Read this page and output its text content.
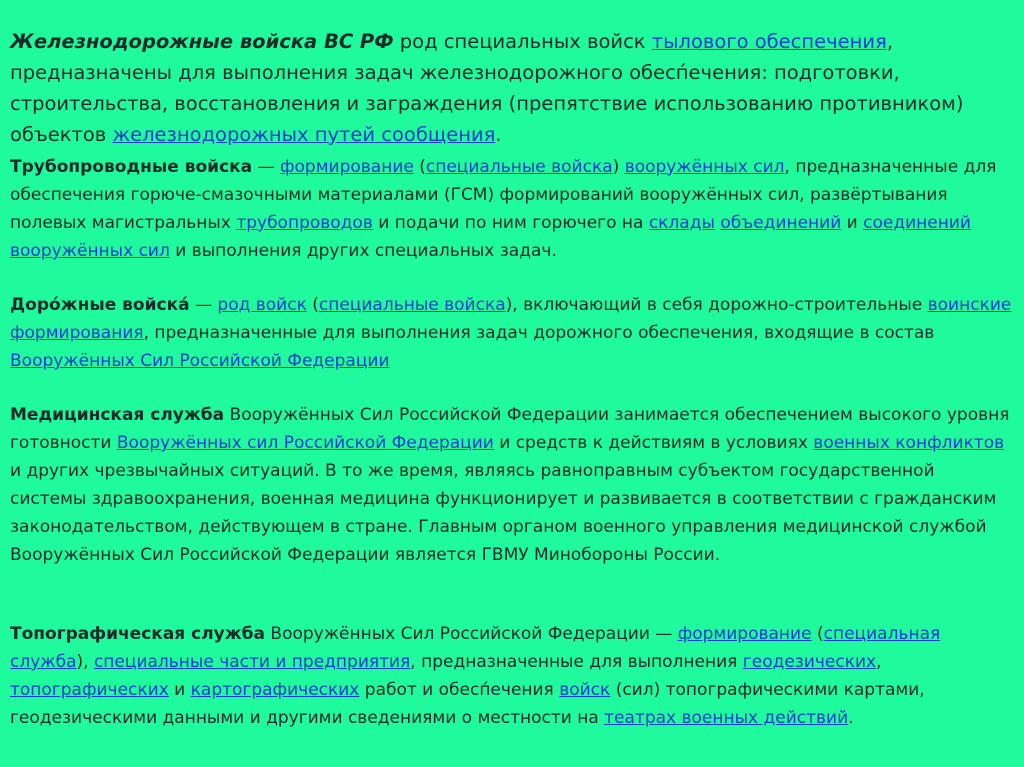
Железнодорожные войска ВС РФ род специальных войск тылового обеспечения, предназначены для выполнения задач железнодорожного обесп́ечения: подготовки, строительства, восстановления и заграждения (препятствие использованию противником) объектов железнодорожных путей сообщения.

Трубопроводные войска — формирование (специальные войска) вооружённых сил, предназначенные для обеспечения горюче-смазочными материалами (ГСМ) формирований вооружённых сил, развёртывания полевых магистральных трубопроводов и подачи по ним горючего на склады объединений и соединений вооружённых сил и выполнения других специальных задач.

Доро́жные войска́ — род войск (специальные войска), включающий в себя дорожно-строительные воинские формирования, предназначенные для выполнения задач дорожного обеспечения, входящие в состав Вооружённых Сил Российской Федерации

Медицинская служба Вооружённых Сил Российской Федерации занимается обеспечением высокого уровня готовности Вооружённых сил Российской Федерации и средств к действиям в условиях военных конфликтов и других чрезвычайных ситуаций. В то же время, являясь равноправным субъектом государственной системы здравоохранения, военная медицина функционирует и развивается в соответствии с гражданским законодательством, действующем в стране. Главным органом военного управления медицинской службой Вооружённых Сил Российской Федерации является ГВМУ Минобороны России.

Топографическая служба Вооружённых Сил Российской Федерации — формирование (специальная служба), специальные части и предприятия, предназначенные для выполнения геодезических, топографических и картографических работ и обесп́ечения войск (сил) топографическими картами, геодезическими данными и другими сведениями о местности на театрах военных действий.
